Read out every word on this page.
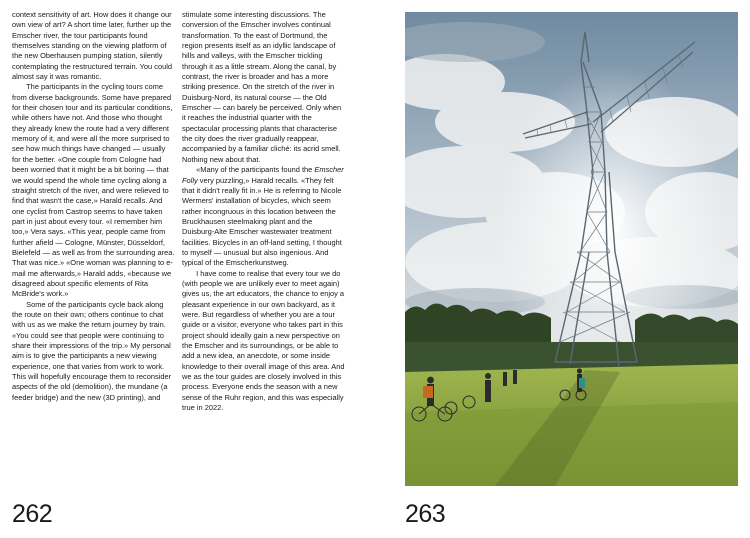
context sensitivity of art. How does it change our own view of art? A short time later, further up the Emscher river, the tour participants found themselves standing on the viewing platform of the new Oberhausen pumping station, silently contemplating the restructured terrain. You could almost say it was romantic.

The participants in the cycling tours come from diverse backgrounds. Some have prepared for their chosen tour and its particular conditions, while others have not. And those who thought they already knew the route had a very different memory of it, and were all the more surprised to see how much things have changed — usually for the better. «One couple from Cologne had been worried that it might be a bit boring — that we would spend the whole time cycling along a straight stretch of the river, and were relieved to find that wasn't the case,» Harald recalls. And one cyclist from Castrop seems to have taken part in just about every tour. «I remember him too,» Vera says. «This year, people came from further afield — Cologne, Münster, Düsseldorf, Bielefeld — as well as from the surrounding area. That was nice.» «One woman was planning to e-mail me afterwards,» Harald adds, «because we disagreed about specific elements of Rita McBride's work.»

Some of the participants cycle back along the route on their own; others continue to chat with us as we make the return journey by train. «You could see that people were continuing to share their impressions of the trip.» My personal aim is to give the participants a new viewing experience, one that varies from work to work. This will hopefully encourage them to reconsider aspects of the old (demolition), the mundane (a feeder bridge) and the new (3D printing), and

stimulate some interesting discussions. The conversion of the Emscher involves continual transformation. To the east of Dortmund, the region presents itself as an idyllic landscape of hills and valleys, with the Emscher trickling through it as a little stream. Along the canal, by contrast, the river is broader and has a more striking presence. On the stretch of the river in Duisburg-Nord, its natural course — the Old Emscher — can barely be perceived. Only when it reaches the industrial quarter with the spectacular processing plants that characterise the city does the river gradually reappear, accompanied by a familiar cliché: its acrid smell. Nothing new about that.

«Many of the participants found the Emscher Folly very puzzling,» Harald recalls. «They felt that it didn't really fit in.» He is referring to Nicole Wermers' installation of bicycles, which seem rather incongruous in this location between the Bruckhausen steelmaking plant and the Duisburg-Alte Emscher wastewater treatment facilities. Bicycles in an off-land setting, I thought to myself — unusual but also ingenious. And typical of the Emscherkunstweg.

I have come to realise that every tour we do (with people we are unlikely ever to meet again) gives us, the art educators, the chance to enjoy a pleasant experience in our own backyard, as it were. But regardless of whether you are a tour guide or a visitor, everyone who takes part in this project should ideally gain a new perspective on the Emscher and its surroundings, or be able to add a new idea, an anecdote, or some inside knowledge to their overall image of this area. And we as the tour guides are closely involved in this process. Everyone ends the season with a new sense of the Ruhr region, and this was especially true in 2022.

262	263
